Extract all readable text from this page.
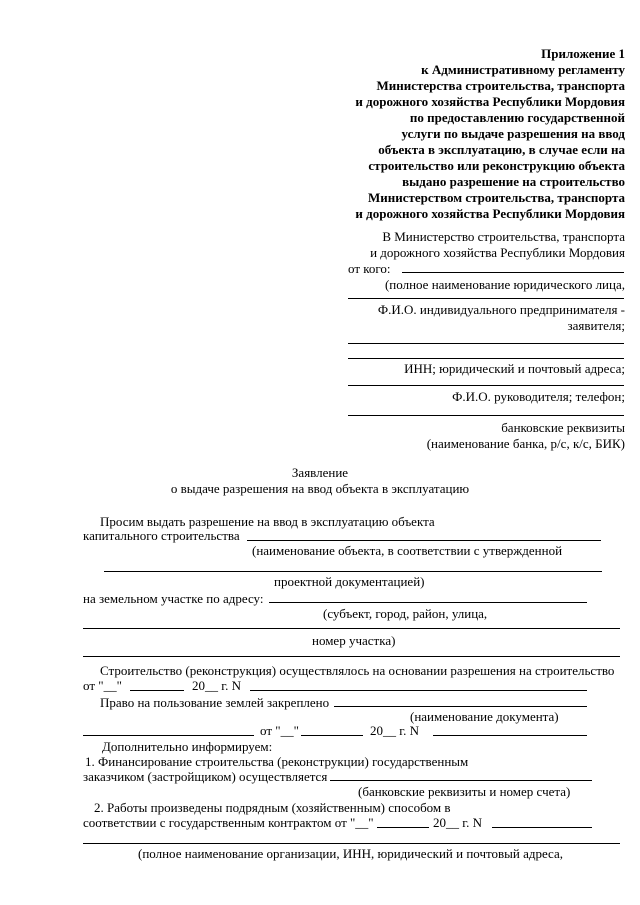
Приложение 1
к Административному регламенту
Министерства строительства, транспорта
и дорожного хозяйства Республики Мордовия
по предоставлению государственной
услуги по выдаче разрешения на ввод
объекта в эксплуатацию, в случае если на
строительство или реконструкцию объекта
выдано разрешение на строительство
Министерством строительства, транспорта
и дорожного хозяйства Республики Мордовия
В Министерство строительства, транспорта
и дорожного хозяйства Республики Мордовия
от кого:
(полное наименование юридического лица,
Ф.И.О. индивидуального предпринимателя -
заявителя;
ИНН; юридический и почтовый адреса;
Ф.И.О. руководителя; телефон;
банковские реквизиты
(наименование банка, р/с, к/с, БИК)
Заявление
о выдаче разрешения на ввод объекта в эксплуатацию
Просим выдать разрешение на ввод в эксплуатацию объекта
капитального строительства
(наименование объекта, в соответствии с утвержденной
проектной документацией)
на земельном участке по адресу:
(субъект, город, район, улица,
номер участка)
Строительство (реконструкция) осуществлялось на основании разрешения на строительство
от "__"	20__ г. N
Право на пользование землей закреплено
(наименование документа)
от "__"	20__ г. N
Дополнительно информируем:
1. Финансирование строительства (реконструкции) государственным
заказчиком (застройщиком) осуществляется
(банковские реквизиты и номер счета)
2. Работы произведены подрядным (хозяйственным) способом в
соответствии с государственным контрактом от "__"	20__ г. N
(полное наименование организации, ИНН, юридический и почтовый адреса,
